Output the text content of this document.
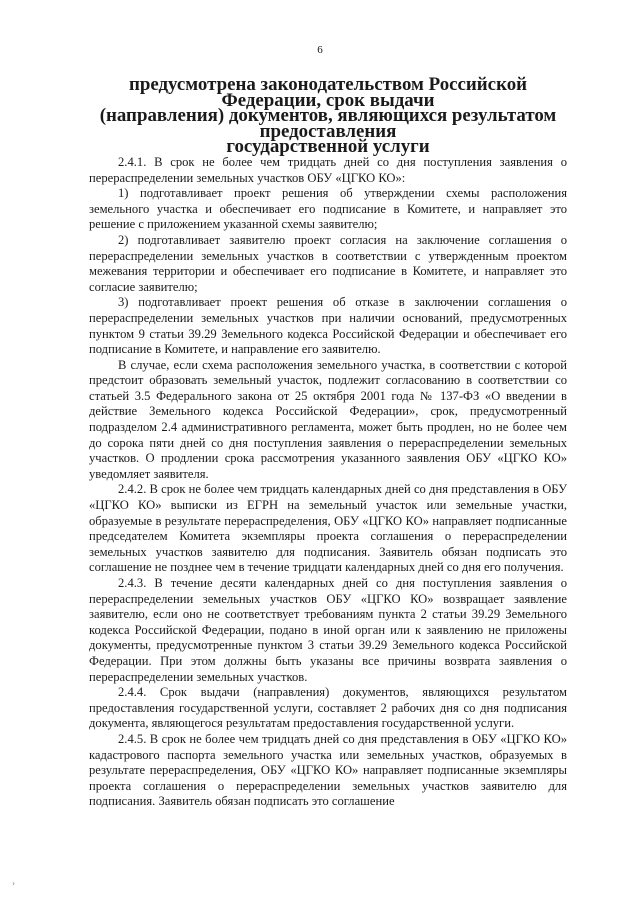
6
предусмотрена законодательством Российской Федерации, срок выдачи
(направления) документов, являющихся результатом предоставления
государственной услуги

2.4.1. В срок не более чем тридцать дней со дня поступления заявления о перераспределении земельных участков ОБУ «ЦГКО КО»:

1) подготавливает проект решения об утверждении схемы расположения земельного участка и обеспечивает его подписание в Комитете, и направляет это решение с приложением указанной схемы заявителю;

2) подготавливает заявителю проект согласия на заключение соглашения о перераспределении земельных участков в соответствии с утвержденным проектом межевания территории и обеспечивает его подписание в Комитете, и направляет это согласие заявителю;

3) подготавливает проект решения об отказе в заключении соглашения о перераспределении земельных участков при наличии оснований, предусмотренных пунктом 9 статьи 39.29 Земельного кодекса Российской Федерации и обеспечивает его подписание в Комитете, и направление его заявителю.

В случае, если схема расположения земельного участка, в соответствии с которой предстоит образовать земельный участок, подлежит согласованию в соответствии со статьей 3.5 Федерального закона от 25 октября 2001 года № 137-ФЗ «О введении в действие Земельного кодекса Российской Федерации», срок, предусмотренный подразделом 2.4 административного регламента, может быть продлен, но не более чем до сорока пяти дней со дня поступления заявления о перераспределении земельных участков. О продлении срока рассмотрения указанного заявления ОБУ «ЦГКО КО» уведомляет заявителя.

2.4.2. В срок не более чем тридцать календарных дней со дня представления в ОБУ «ЦГКО КО» выписки из ЕГРН на земельный участок или земельные участки, образуемые в результате перераспределения, ОБУ «ЦГКО КО» направляет подписанные председателем Комитета экземпляры проекта соглашения о перераспределении земельных участков заявителю для подписания. Заявитель обязан подписать это соглашение не позднее чем в течение тридцати календарных дней со дня его получения.

2.4.3. В течение десяти календарных дней со дня поступления заявления о перераспределении земельных участков ОБУ «ЦГКО КО» возвращает заявление заявителю, если оно не соответствует требованиям пункта 2 статьи 39.29 Земельного кодекса Российской Федерации, подано в иной орган или к заявлению не приложены документы, предусмотренные пунктом 3 статьи 39.29 Земельного кодекса Российской Федерации. При этом должны быть указаны все причины возврата заявления о перераспределении земельных участков.

2.4.4. Срок выдачи (направления) документов, являющихся результатом предоставления государственной услуги, составляет 2 рабочих дня со дня подписания документа, являющегося результатам предоставления государственной услуги.

2.4.5. В срок не более чем тридцать дней со дня представления в ОБУ «ЦГКО КО» кадастрового паспорта земельного участка или земельных участков, образуемых в результате перераспределения, ОБУ «ЦГКО КО» направляет подписанные экземпляры проекта соглашения о перераспределении земельных участков заявителю для подписания. Заявитель обязан подписать это соглашение

›
